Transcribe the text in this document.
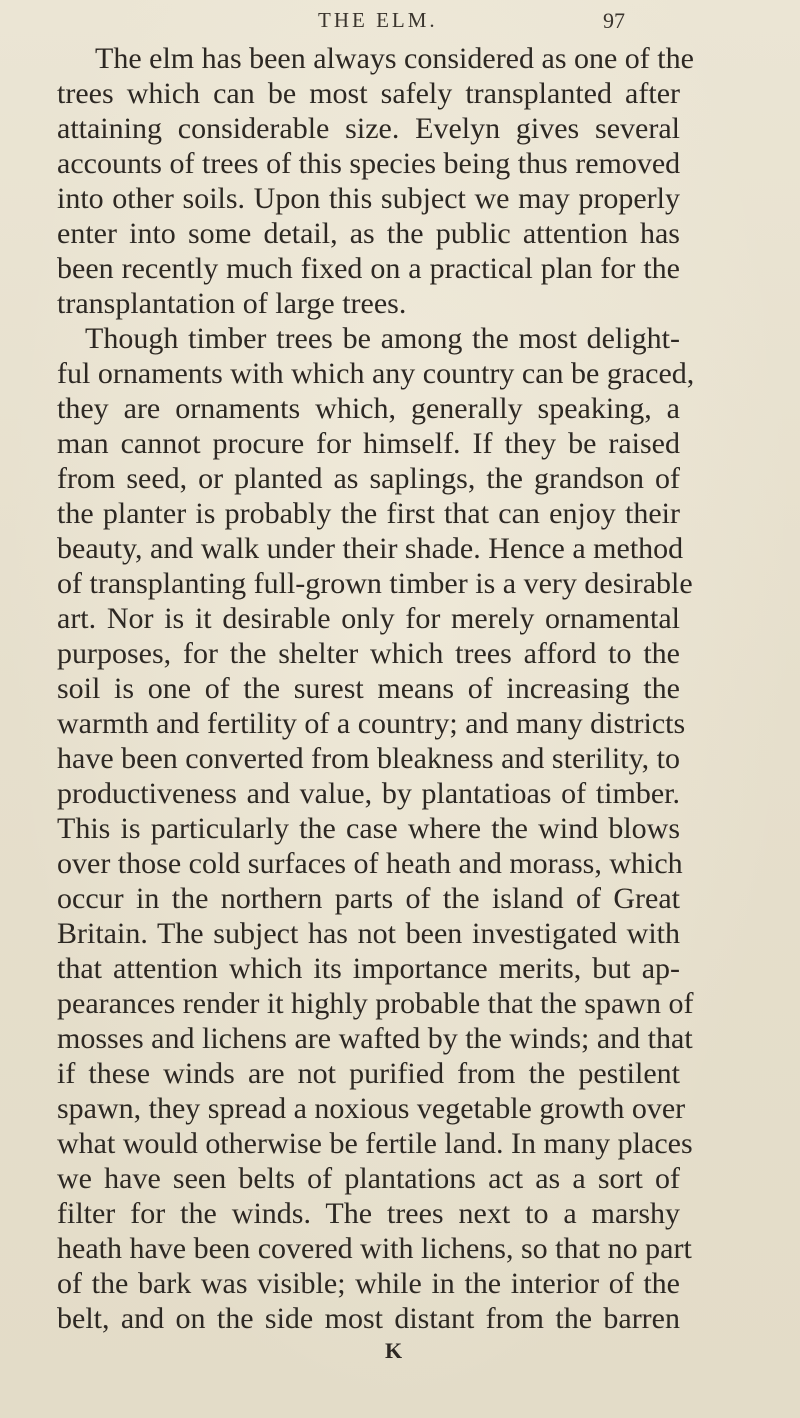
THE ELM.	97
The elm has been always considered as one of the
trees which can be most safely transplanted after
attaining considerable size. Evelyn gives several
accounts of trees of this species being thus removed
into other soils. Upon this subject we may properly
enter into some detail, as the public attention has
been recently much fixed on a practical plan for the
transplantation of large trees.
Though timber trees be among the most delight-
ful ornaments with which any country can be graced,
they are ornaments which, generally speaking, a
man cannot procure for himself. If they be raised
from seed, or planted as saplings, the grandson of
the planter is probably the first that can enjoy their
beauty, and walk under their shade. Hence a method
of transplanting full-grown timber is a very desirable
art. Nor is it desirable only for merely ornamental
purposes, for the shelter which trees afford to the
soil is one of the surest means of increasing the
warmth and fertility of a country; and many districts
have been converted from bleakness and sterility, to
productiveness and value, by plantatioas of timber.
This is particularly the case where the wind blows
over those cold surfaces of heath and morass, which
occur in the northern parts of the island of Great
Britain. The subject has not been investigated with
that attention which its importance merits, but ap-
pearances render it highly probable that the spawn of
mosses and lichens are wafted by the winds; and that
if these winds are not purified from the pestilent
spawn, they spread a noxious vegetable growth over
what would otherwise be fertile land. In many places
we have seen belts of plantations act as a sort of
filter for the winds. The trees next to a marshy
heath have been covered with lichens, so that no part
of the bark was visible; while in the interior of the
belt, and on the side most distant from the barren
K
